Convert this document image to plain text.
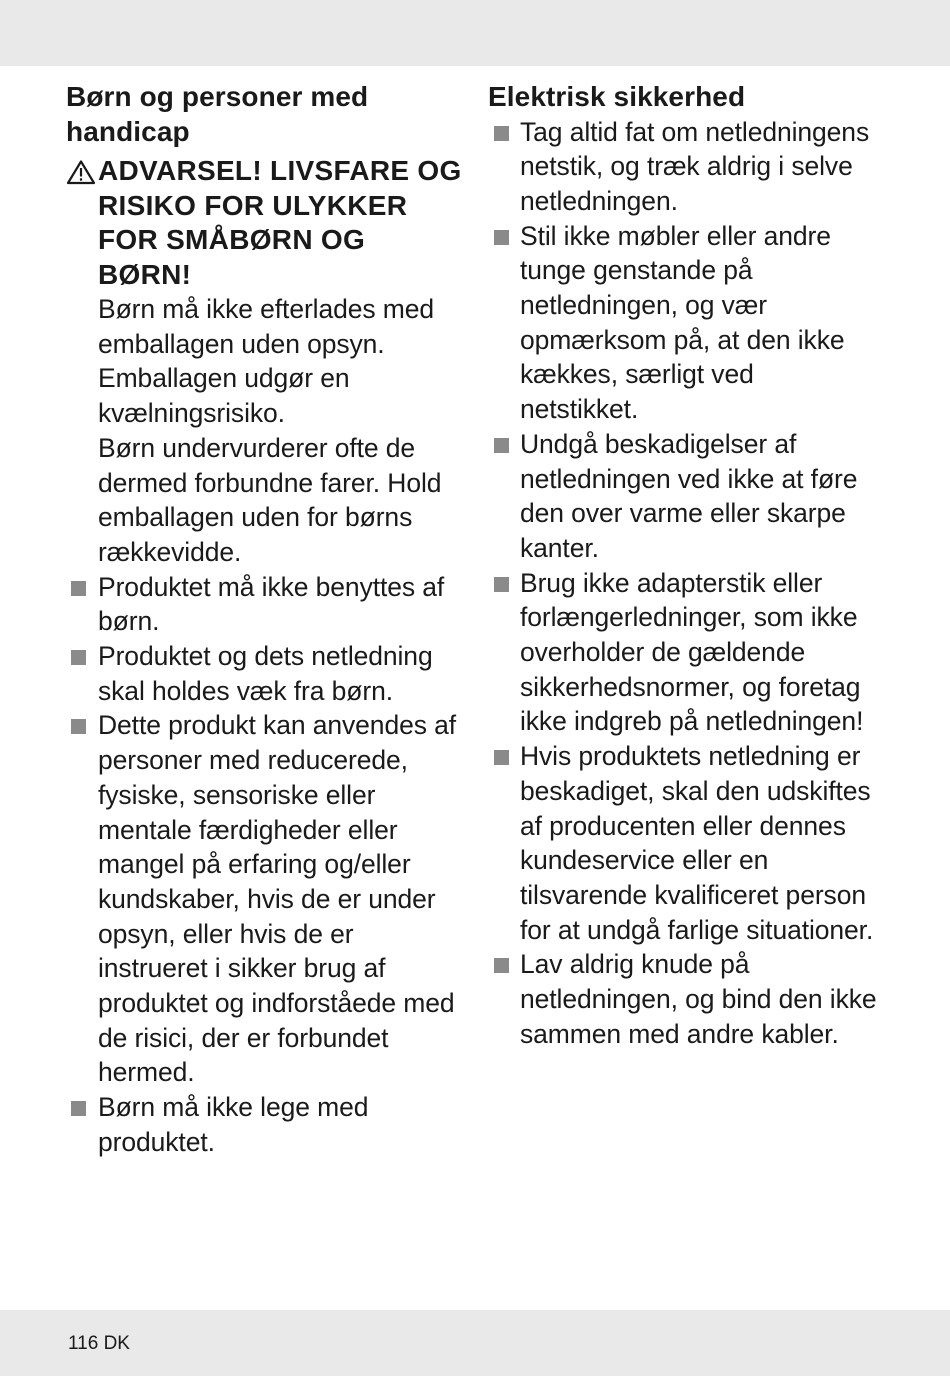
Børn og personer med handicap
ADVARSEL! LIVSFARE OG RISIKO FOR ULYKKER FOR SMÅBØRN OG BØRN!

Børn må ikke efterlades med emballagen uden opsyn. Emballagen udgør en kvælningsrisiko.

Børn undervurderer ofte de dermed forbundne farer. Hold emballagen uden for børns rækkevidde.

Produktet må ikke benyttes af børn.
Produktet og dets netledning skal holdes væk fra børn.
Dette produkt kan anvendes af personer med reducerede, fysiske, sensoriske eller mentale færdigheder eller mangel på erfaring og/eller kundskaber, hvis de er under opsyn, eller hvis de er instrueret i sikker brug af produktet og indforståede med de risici, der er forbundet hermed.
Børn må ikke lege med produktet.
Elektrisk sikkerhed
Tag altid fat om netledningens netstik, og træk aldrig i selve netledningen.
Stil ikke møbler eller andre tunge genstande på netledningen, og vær opmærksom på, at den ikke kækkes, særligt ved netstikket.
Undgå beskadigelser af netledningen ved ikke at føre den over varme eller skarpe kanter.
Brug ikke adapterstik eller forlængerledninger, som ikke overholder de gældende sikkerhedsnormer, og foretag ikke indgreb på netledningen!
Hvis produktets netledning er beskadiget, skal den udskiftes af producenten eller dennes kundeservice eller en tilsvarende kvalificeret person for at undgå farlige situationer.
Lav aldrig knude på netledningen, og bind den ikke sammen med andre kabler.
116 DK
